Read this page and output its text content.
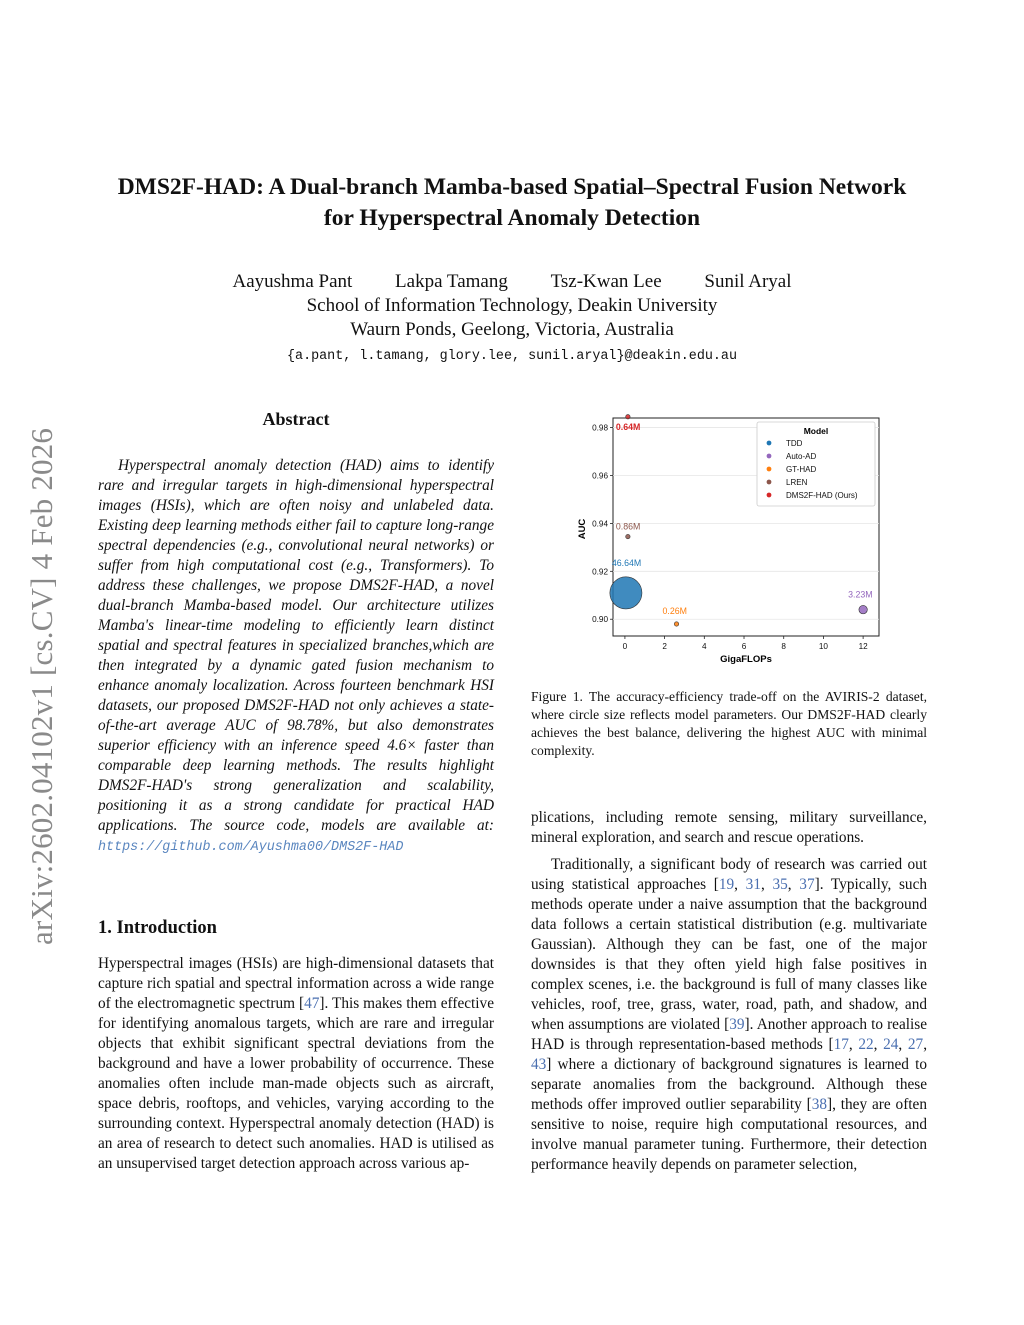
DMS2F-HAD: A Dual-branch Mamba-based Spatial–Spectral Fusion Network
for Hyperspectral Anomaly Detection
Aayushma Pant Lakpa Tamang Tsz-Kwan Lee Sunil Aryal
School of Information Technology, Deakin University
Waurn Ponds, Geelong, Victoria, Australia
{a.pant, l.tamang, glory.lee, sunil.aryal}@deakin.edu.au
arXiv:2602.04102v1 [cs.CV] 4 Feb 2026
Abstract

Hyperspectral anomaly detection (HAD) aims to identify rare and irregular targets in high-dimensional hyperspectral images (HSIs), which are often noisy and unlabeled data. Existing deep learning methods either fail to capture long-range spectral dependencies (e.g., convolutional neural networks) or suffer from high computational cost (e.g., Transformers). To address these challenges, we propose DMS2F-HAD, a novel dual-branch Mamba-based model. Our architecture utilizes Mamba's linear-time modeling to efficiently learn distinct spatial and spectral features in specialized branches,which are then integrated by a dynamic gated fusion mechanism to enhance anomaly localization. Across fourteen benchmark HSI datasets, our proposed DMS2F-HAD not only achieves a state-of-the-art average AUC of 98.78%, but also demonstrates superior efficiency with an inference speed 4.6× faster than comparable deep learning methods. The results highlight DMS2F-HAD's strong generalization and scalability, positioning it as a strong candidate for practical HAD applications. The source code, models are available at: https://github.com/Ayushma00/DMS2F-HAD

1. Introduction

Hyperspectral images (HSIs) are high-dimensional datasets that capture rich spatial and spectral information across a wide range of the electromagnetic spectrum [47]. This makes them effective for identifying anomalous targets, which are rare and irregular objects that exhibit significant spectral deviations from the background and have a lower probability of occurrence. These anomalies often include man-made objects such as aircraft, space debris, rooftops, and vehicles, varying according to the surrounding context. Hyperspectral anomaly detection (HAD) is an area of research to detect such anomalies. HAD is utilised as an unsupervised target detection approach across various ap-

46.64M
3.23M
0.26M
0.86M
0.64M
0	2	4	6	8	10	12
0.90
0.92
0.94
0.96
0.98
GigaFLOPs
AUC
Model
TDD
Auto-AD
GT-HAD
LREN
DMS2F-HAD (Ours)
Figure 1. The accuracy-efficiency trade-off on the AVIRIS-2 dataset, where circle size reflects model parameters. Our DMS2F-HAD clearly achieves the best balance, delivering the highest AUC with minimal complexity.

plications, including remote sensing, military surveillance, mineral exploration, and search and rescue operations.

Traditionally, a significant body of research was carried out using statistical approaches [19, 31, 35, 37]. Typically, such methods operate under a naive assumption that the background data follows a certain statistical distribution (e.g. multivariate Gaussian). Although they can be fast, one of the major downsides is that they often yield high false positives in complex scenes, i.e. the background is full of many classes like vehicles, roof, tree, grass, water, road, path, and shadow, and when assumptions are violated [39]. Another approach to realise HAD is through representation-based methods [17, 22, 24, 27, 43] where a dictionary of background signatures is learned to separate anomalies from the background. Although these methods offer improved outlier separability [38], they are often sensitive to noise, require high computational resources, and involve manual parameter tuning. Furthermore, their detection performance heavily depends on parameter selection,
